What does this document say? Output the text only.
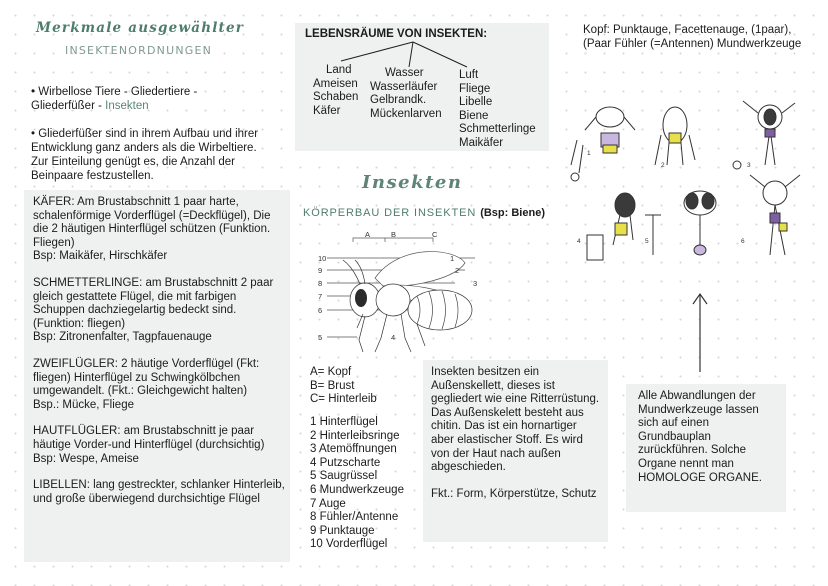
Merkmale ausgewählter
INSEKTENORDNUNGEN
• Wirbellose Tiere - Gliedertiere -
Gliederfüßer - Insekten
• Gliederfüßer sind in ihrem Aufbau und ihrer Entwicklung ganz anders als die Wirbeltiere. Zur Einteilung genügt es, die Anzahl der Beinpaare festzustellen.

KÄFER: Am Brustabschnitt 1 paar harte, schalenförmige Vorderflügel (=Deckflügel), Die die 2 häutigen Hinterflügel schützen (Funktion. Fliegen)
Bsp: Maikäfer, Hirschkäfer

SCHMETTERLINGE: am Brustabschnitt 2 paar gleich gestattete Flügel, die mit farbigen Schuppen dachziegelartig bedeckt sind.
(Funktion: fliegen)
Bsp: Zitronenfalter, Tagpfauenauge

ZWEIFLÜGLER: 2 häutige Vorderflügel (Fkt: fliegen) Hinterflügel zu Schwingkölbchen umgewandelt. (Fkt.: Gleichgewicht halten)
Bsp.: Mücke, Fliege

HAUTFLÜGLER: am Brustabschnitt je paar häutige Vorder-und Hinterflügel (durchsichtig)
Bsp: Wespe, Ameise

LIBELLEN: lang gestreckter, schlanker Hinterleib, und große überwiegend durchsichtige Flügel

LEBENSRÄUME VON INSEKTEN:
Land
Ameisen
Schaben
Käfer
Wasser
Wasserläufer
Gelbrandk.
Mückenlarven
Luft
Fliege
Libelle
Biene
Schmetterlinge
Maikäfer
Insekten
KÖRPERBAU DER INSEKTEN (Bsp: Biene)
A	B	C
10
9
8
7
6
5	4
3
2
1
A= Kopf
B= Brust
C= Hinterleib
1 Hinterflügel
2 Hinterleibsringe
3 Atemöffnungen
4 Putzscharte
5 Saugrüssel
6 Mundwerkzeuge
7 Auge
8 Fühler/Antenne
9 Punktauge
10 Vorderflügel
Insekten besitzen ein Außenskellett, dieses ist gegliedert wie eine Ritterrüstung. Das Außenskelett besteht aus chitin. Das ist ein hornartiger aber elastischer Stoff. Es wird von der Haut nach außen abgeschieden.
Fkt.: Form, Körperstütze, Schutz
Kopf: Punktauge, Facettenauge, (1paar), (Paar Fühler (=Antennen) Mundwerkzeuge
1
2	3
4	5	6
Alle Abwandlungen der Mundwerkzeuge lassen sich auf einen Grundbauplan zurückführen. Solche Organe nennt man HOMOLOGE ORGANE.
